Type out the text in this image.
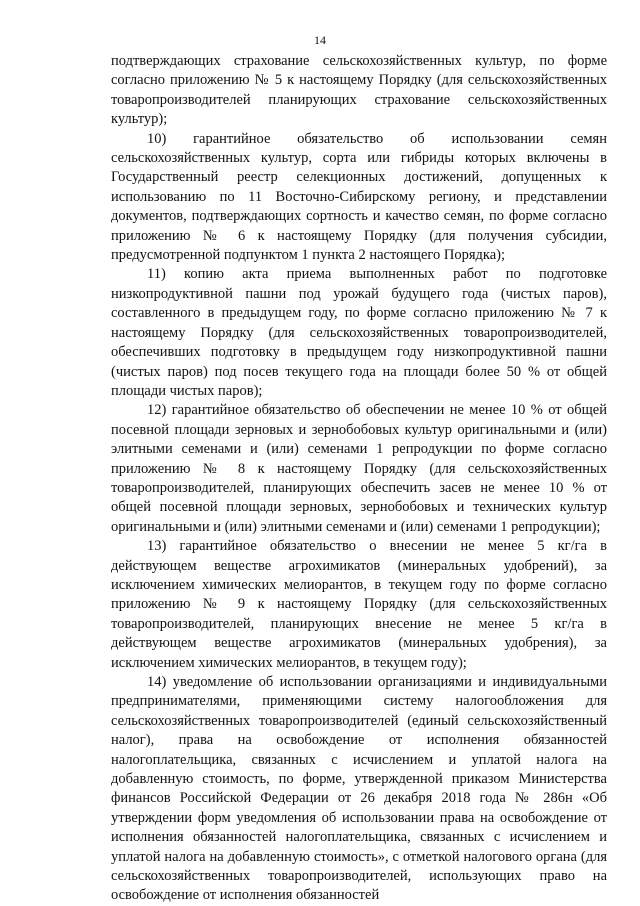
14

подтверждающих страхование сельскохозяйственных культур, по форме согласно приложению № 5 к настоящему Порядку (для сельскохозяйственных товаропроизводителей планирующих страхование сельскохозяйственных культур);

10) гарантийное обязательство об использовании семян сельскохозяйственных культур, сорта или гибриды которых включены в Государственный реестр селекционных достижений, допущенных к использованию по 11 Восточно-Сибирскому региону, и представлении документов, подтверждающих сортность и качество семян, по форме согласно приложению № 6 к настоящему Порядку (для получения субсидии, предусмотренной подпунктом 1 пункта 2 настоящего Порядка);

11) копию акта приема выполненных работ по подготовке низкопродуктивной пашни под урожай будущего года (чистых паров), составленного в предыдущем году, по форме согласно приложению № 7 к настоящему Порядку (для сельскохозяйственных товаропроизводителей, обеспечивших подготовку в предыдущем году низкопродуктивной пашни (чистых паров) под посев текущего года на площади более 50 % от общей площади чистых паров);

12) гарантийное обязательство об обеспечении не менее 10 % от общей посевной площади зерновых и зернобобовых культур оригинальными и (или) элитными семенами и (или) семенами 1 репродукции по форме согласно приложению № 8 к настоящему Порядку (для сельскохозяйственных товаропроизводителей, планирующих обеспечить засев не менее 10 % от общей посевной площади зерновых, зернобобовых и технических культур оригинальными и (или) элитными семенами и (или) семенами 1 репродукции);

13) гарантийное обязательство о внесении не менее 5 кг/га в действующем веществе агрохимикатов (минеральных удобрений), за исключением химических мелиорантов, в текущем году по форме согласно приложению № 9 к настоящему Порядку (для сельскохозяйственных товаропроизводителей, планирующих внесение не менее 5 кг/га в действующем веществе агрохимикатов (минеральных удобрения), за исключением химических мелиорантов, в текущем году);

14) уведомление об использовании организациями и индивидуальными предпринимателями, применяющими систему налогообложения для сельскохозяйственных товаропроизводителей (единый сельскохозяйственный налог), права на освобождение от исполнения обязанностей налогоплательщика, связанных с исчислением и уплатой налога на добавленную стоимость, по форме, утвержденной приказом Министерства финансов Российской Федерации от 26 декабря 2018 года № 286н «Об утверждении форм уведомления об использовании права на освобождение от исполнения обязанностей налогоплательщика, связанных с исчислением и уплатой налога на добавленную стоимость», с отметкой налогового органа (для сельскохозяйственных товаропроизводителей, использующих право на освобождение от исполнения обязанностей
